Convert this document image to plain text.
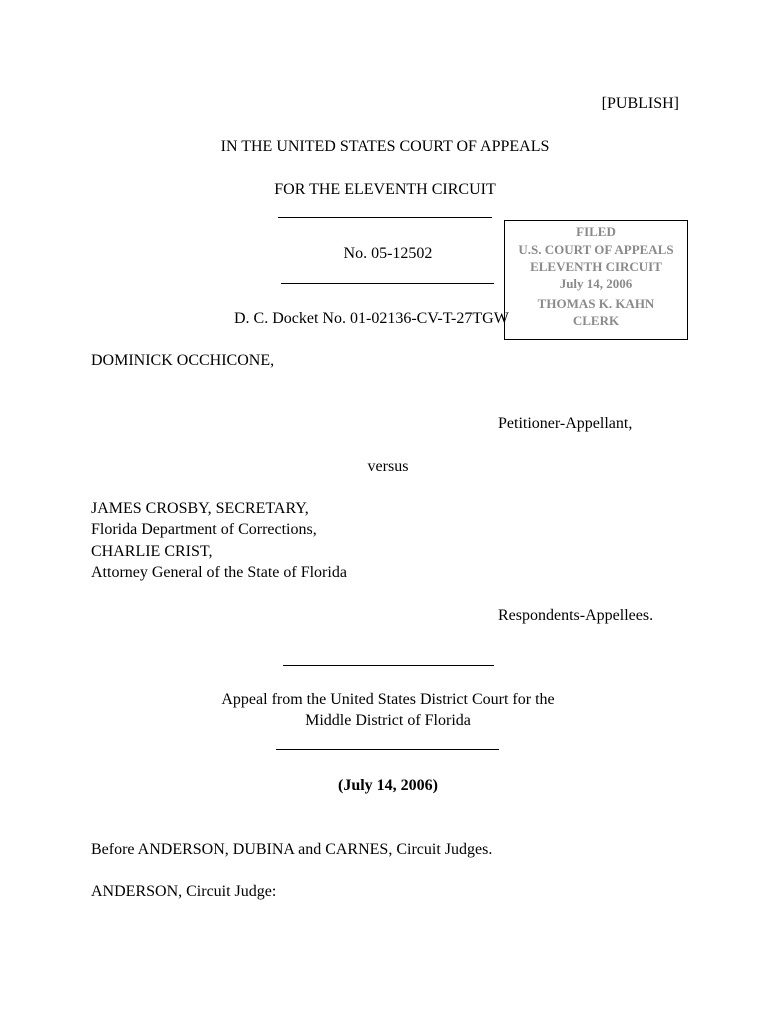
[PUBLISH]
IN THE UNITED STATES COURT OF APPEALS
FOR THE ELEVENTH CIRCUIT
No. 05-12502
FILED
U.S. COURT OF APPEALS
ELEVENTH CIRCUIT
July 14, 2006
THOMAS K. KAHN
CLERK
D. C. Docket No. 01-02136-CV-T-27TGW
DOMINICK OCCHICONE,
Petitioner-Appellant,
versus
JAMES CROSBY, SECRETARY,
Florida Department of Corrections,
CHARLIE CRIST,
Attorney General of the State of Florida
Respondents-Appellees.
Appeal from the United States District Court for the
Middle District of Florida
(July 14, 2006)
Before ANDERSON, DUBINA and CARNES, Circuit Judges.
ANDERSON, Circuit Judge:
